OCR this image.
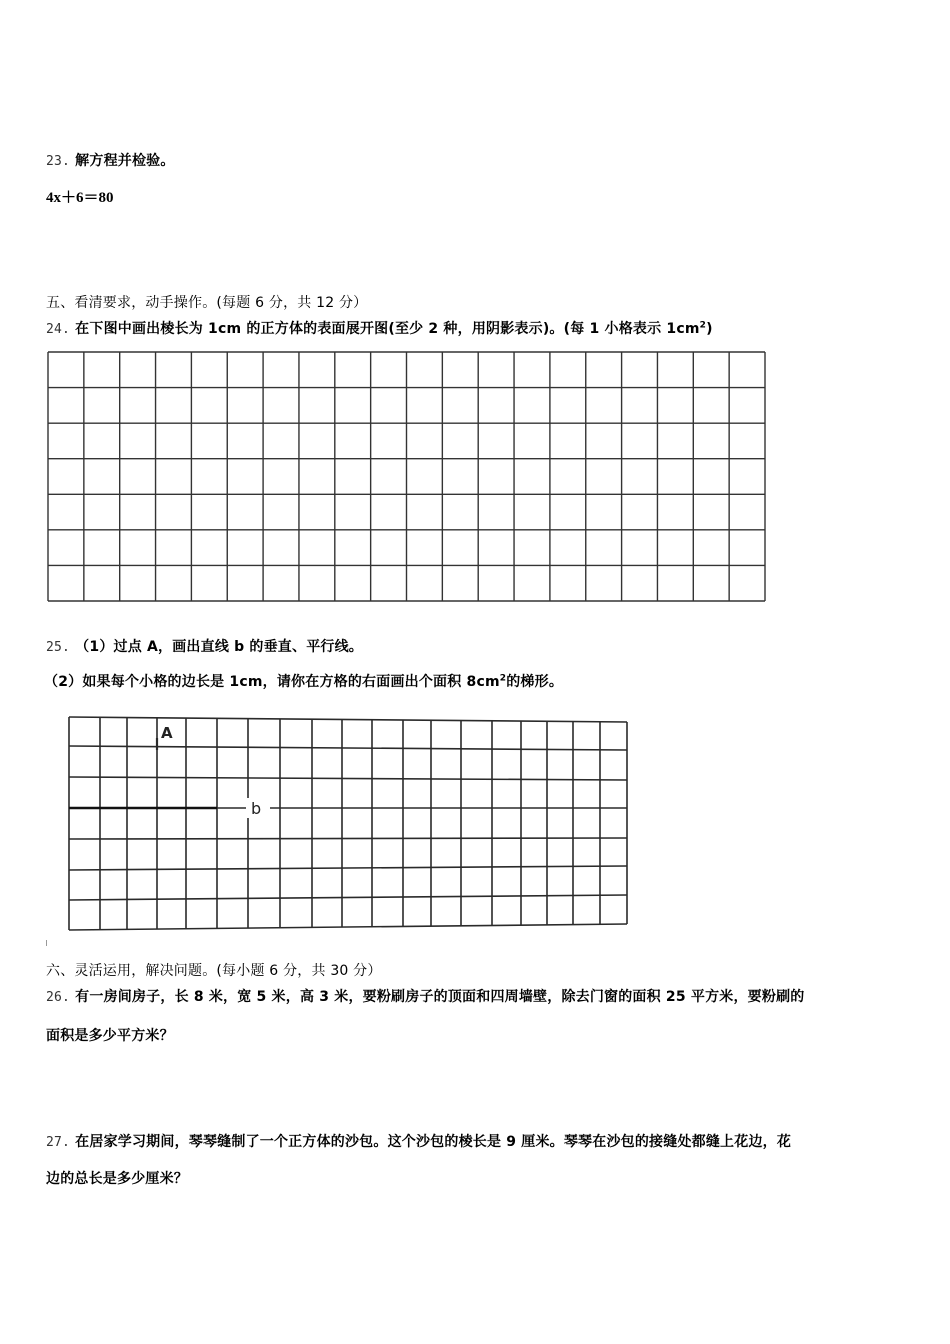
23. 解方程并检验。
4x＋6＝80
五、看清要求，动手操作。(每题 6 分，共 12 分）
24. 在下图中画出棱长为 1cm 的正方体的表面展开图(至少 2 种，用阴影表示)。(每 1 小格表示 $1cm^2$)
25. （1）过点 A，画出直线 b 的垂直、平行线。
（2）如果每个小格的边长是 1cm，请你在方格的右面画出个面积 $8cm^2$的梯形。
A
b
六、灵活运用，解决问题。(每小题 6 分，共 30 分）
26. 有一房间房子，长 8 米，宽 5 米，高 3 米，要粉刷房子的顶面和四周墙壁，除去门窗的面积 25 平方米，要粉刷的
面积是多少平方米？
27. 在居家学习期间，琴琴缝制了一个正方体的沙包。这个沙包的棱长是 9 厘米。琴琴在沙包的接缝处都缝上花边，花
边的总长是多少厘米？
